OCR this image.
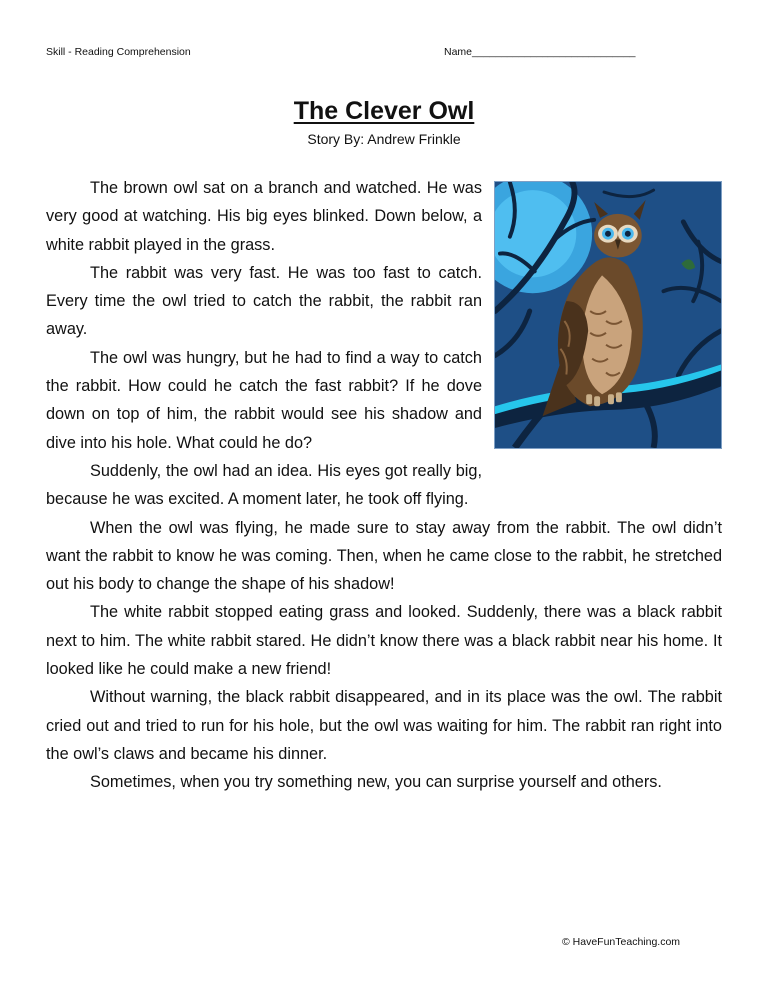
Skill - Reading Comprehension	Name____________________________
The Clever Owl
Story By: Andrew Frinkle

The brown owl sat on a branch and watched. He was very good at watching. His big eyes blinked. Down below, a white rabbit played in the grass.

The rabbit was very fast. He was too fast to catch. Every time the owl tried to catch the rabbit, the rabbit ran away.

The owl was hungry, but he had to find a way to catch the rabbit. How could he catch the fast rabbit? If he dove down on top of him, the rabbit would see his shadow and dive into his hole. What could he do?

Suddenly, the owl had an idea. His eyes got really big, because he was excited. A moment later, he took off flying.

When the owl was flying, he made sure to stay away from the rabbit. The owl didn’t want the rabbit to know he was coming. Then, when he came close to the rabbit, he stretched out his body to change the shape of his shadow!

The white rabbit stopped eating grass and looked. Suddenly, there was a black rabbit next to him. The white rabbit stared. He didn’t know there was a black rabbit near his home. It looked like he could make a new friend!

Without warning, the black rabbit disappeared, and in its place was the owl. The rabbit cried out and tried to run for his hole, but the owl was waiting for him. The rabbit ran right into the owl’s claws and became his dinner.

Sometimes, when you try something new, you can surprise yourself and others.

© HaveFunTeaching.com
